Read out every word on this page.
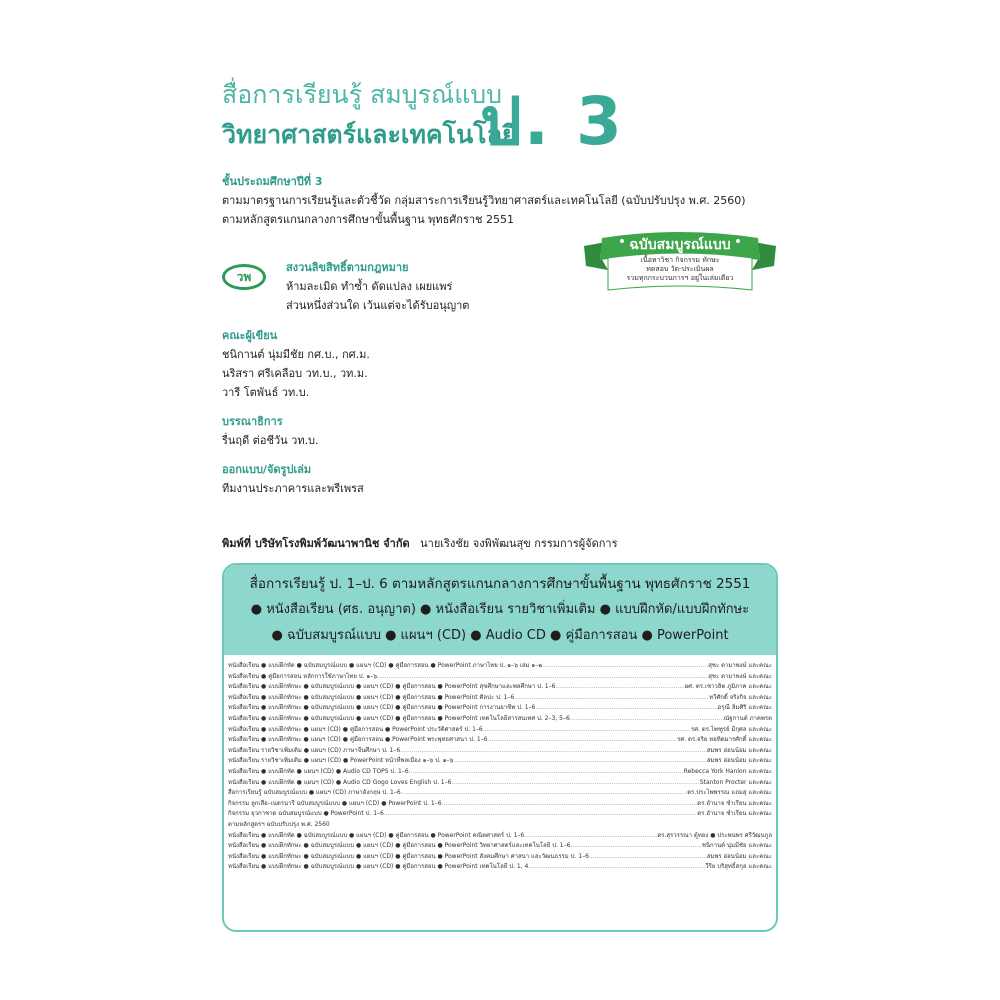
สื่อการเรียนรู้ สมบูรณ์แบบ
วิทยาศาสตร์และเทคโนโลยี
ป. 3
ชั้นประถมศึกษาปีที่ 3
ตามมาตรฐานการเรียนรู้และตัวชี้วัด กลุ่มสาระการเรียนรู้วิทยาศาสตร์และเทคโนโลยี (ฉบับปรับปรุง พ.ศ. 2560)
ตามหลักสูตรแกนกลางการศึกษาขั้นพื้นฐาน พุทธศักราช 2551
วพ
สงวนลิขสิทธิ์ตามกฎหมาย
ห้ามละเมิด ทำซ้ำ ดัดแปลง เผยแพร่
ส่วนหนึ่งส่วนใด เว้นแต่จะได้รับอนุญาต
ฉบับสมบูรณ์แบบ
เนื้อหาวิชา กิจกรรม ทักษะ
ทดสอบ วัด-ประเมินผล
รวมทุกกระบวนการฯ อยู่ในเล่มเดียว
คณะผู้เขียน
ชนิกานต์ นุ่มมีชัย กศ.บ., กศ.ม.
นริสรา ศรีเคลือบ วท.บ., วท.ม.
วารี โตพันธ์ วท.บ.
บรรณาธิการ
รื่นฤดี ต่อชีวัน วท.บ.
ออกแบบ/จัดรูปเล่ม
ทีมงานประภาคารและพรีเพรส
พิมพ์ที่ บริษัทโรงพิมพ์วัฒนาพานิช จำกัด นายเริงชัย จงพิพัฒนสุข กรรมการผู้จัดการ
สื่อการเรียนรู้ ป. 1–ป. 6 ตามหลักสูตรแกนกลางการศึกษาขั้นพื้นฐาน พุทธศักราช 2551
● หนังสือเรียน (ศธ. อนุญาต) ● หนังสือเรียน รายวิชาเพิ่มเติม ● แบบฝึกหัด/แบบฝึกทักษะ
● ฉบับสมบูรณ์แบบ ● แผนฯ (CD) ● Audio CD ● คู่มือการสอน ● PowerPoint
หนังสือเรียน ● แบบฝึกหัด ● ฉบับสมบูรณ์แบบ ● แผนฯ (CD) ● คู่มือการสอน ● PowerPoint ภาษาไทย ป. ๑–๖ เล่ม ๑–๒ .....	สุชะ ดามาพงษ์ และคณะ
หนังสือเรียน ● คู่มือการสอน หลักการใช้ภาษาไทย ป. ๑–๖ .....	สุชะ ดามาพงษ์ และคณะ
หนังสือเรียน ● แบบฝึกทักษะ ● ฉบับสมบูรณ์แบบ ● แผนฯ (CD) ● คู่มือการสอน ● PowerPoint สุขศึกษาและพลศึกษา ป. 1–6 .....	ผศ. ดร.เชาวลิต ภูมิภาค และคณะ
หนังสือเรียน ● แบบฝึกทักษะ ● ฉบับสมบูรณ์แบบ ● แผนฯ (CD) ● คู่มือการสอน ● PowerPoint ศิลปะ ป. 1–6 .....	ทวีศักดิ์ จริงกิจ และคณะ
หนังสือเรียน ● แบบฝึกทักษะ ● ฉบับสมบูรณ์แบบ ● แผนฯ (CD) ● คู่มือการสอน ● PowerPoint การงานอาชีพ ป. 1–6 .....	อรุณี ลิ่มศิริ และคณะ
หนังสือเรียน ● แบบฝึกทักษะ ● ฉบับสมบูรณ์แบบ ● แผนฯ (CD) ● คู่มือการสอน ● PowerPoint เทคโนโลยีสารสนเทศ ป. 2–3, 5–6 .....	ณัฐกานต์ ภาคพรต
หนังสือเรียน ● แบบฝึกทักษะ ● แผนฯ (CD) ● คู่มือการสอน ● PowerPoint ประวัติศาสตร์ ป. 1–6 .....	รศ. ดร.ไพฑูรย์ มีกุศล และคณะ
หนังสือเรียน ● แบบฝึกทักษะ ● แผนฯ (CD) ● คู่มือการสอน ● PowerPoint พระพุทธศาสนา ป. 1–6 .....	รศ. ดร.จริย หอทิดมารศักดิ์ และคณะ
หนังสือเรียน รายวิชาเพิ่มเติม ● แผนฯ (CD) ภาษาจีนศึกษา ป. 1–6 .....	สมพร อ่อนน้อม และคณะ
หนังสือเรียน รายวิชาเพิ่มเติม ● แผนฯ (CD) ● PowerPoint หน้าที่พลเมือง ๑–๖ ป. ๑–๖ .....	สมพร อ่อนน้อม และคณะ
หนังสือเรียน ● แบบฝึกหัด ● แผนฯ (CD) ● Audio CD TOPS ป. 1–6 .....	Rebecca York Hanlon และคณะ
หนังสือเรียน ● แบบฝึกหัด ● แผนฯ (CD) ● Audio CD Gogo Loves English ป. 1–6 .....	Stanton Procter และคณะ
สื่อการเรียนรู้ ฉบับสมบูรณ์แบบ ● แผนฯ (CD) ภาษาอังกฤษ ป. 1–6 .....	ดร.ประไพพรรณ แถมสุ และคณะ
กิจกรรม ลูกเสือ–เนตรนารี ฉบับสมบูรณ์แบบ ● แผนฯ (CD) ● PowerPoint ป. 1–6 .....	ดร.อำนาจ ช่ำเรียน และคณะ
กิจกรรม ยุวกาชาด ฉบับสมบูรณ์แบบ ● PowerPoint ป. 1–6 .....	ดร.อำนาจ ช่ำเรียน และคณะ
ตามหลักสูตรฯ ฉบับปรับปรุง พ.ศ. 2560
หนังสือเรียน ● แบบฝึกหัด ● ฉบับสมบูรณ์แบบ ● แผนฯ (CD) ● คู่มือการสอน ● PowerPoint คณิตศาสตร์ ป. 1–6 .....	ดร.สุรวรรณา ตู้ทอง ● ประพนพร ศรีวัฒนกูล
หนังสือเรียน ● แบบฝึกทักษะ ● ฉบับสมบูรณ์แบบ ● แผนฯ (CD) ● คู่มือการสอน ● PowerPoint วิทยาศาสตร์และเทคโนโลยี ป. 1–6 .....	ชนิกานต์ นุ่มมีชัย และคณะ
หนังสือเรียน ● แบบฝึกทักษะ ● ฉบับสมบูรณ์แบบ ● แผนฯ (CD) ● คู่มือการสอน ● PowerPoint สังคมศึกษา ศาสนา และวัฒนธรรม ป. 1–6 .....	สมพร อ่อนน้อม และคณะ
หนังสือเรียน ● แบบฝึกทักษะ ● ฉบับสมบูรณ์แบบ ● แผนฯ (CD) ● คู่มือการสอน ● PowerPoint เทคโนโลยี ป. 1, 4 .....	วีรีย บริสุทธิ์สกุล และคณะ
